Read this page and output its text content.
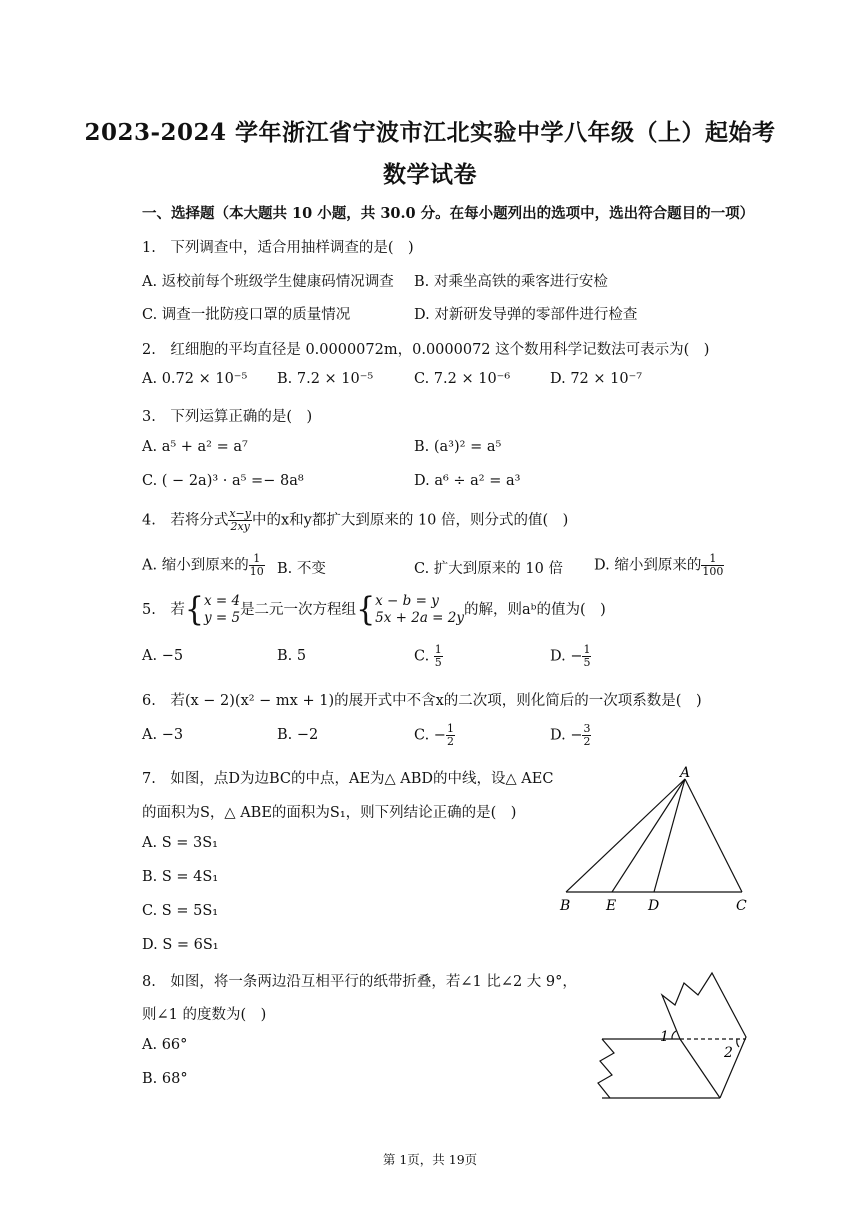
2023-2024 学年浙江省宁波市江北实验中学八年级（上）起始考
数学试卷
一、选择题（本大题共 10 小题，共 30.0 分。在每小题列出的选项中，选出符合题目的一项）
1.　下列调查中，适合用抽样调查的是(　)
A. 返校前每个班级学生健康码情况调查 B. 对乘坐高铁的乘客进行安检
C. 调查一批防疫口罩的质量情况	D. 对新研发导弹的零部件进行检查
2.　红细胞的平均直径是 0.0000072m，0.0000072 这个数用科学记数法可表示为(　)
A. 0.72 × 10⁻⁵ B. 7.2 × 10⁻⁵	C. 7.2 × 10⁻⁶	D. 72 × 10⁻⁷
3.　下列运算正确的是(　)
A. a⁵ + a² = a⁷	B. (a³)² = a⁵
C. ( − 2a)³ · a⁵ =− 8a⁸	D. a⁶ ÷ a² = a³
4.　若将分式 $\frac{x-y}{2xy}$ 中的x和y都扩大到原来的 10 倍，则分式的值(　)
A. 缩小到原来的 $\frac{1}{10} B$. 不变	C. 扩大到原来的 10 倍 D. 缩小到原来的 $\frac{1}{100}$
5.　若{ x = 4
y = 5 是二元一次方程组{ x − b = y
5x + 2a = 2y 的解，则aᵇ的值为(　)
A. −5	B. 5	C. $\frac{1}{5}$	D. − $\frac{1}{5}$
6.　若(x − 2)(x² − mx + 1)的展开式中不含x的二次项，则化简后的一次项系数是(　)
A. −3	B. −2	C. − $\frac{1}{2}$	D. − $\frac{3}{2}$
7.　如图，点D为边BC的中点，AE为△ ABD的中线，设△ AEC
的面积为S，△ ABE的面积为S₁，则下列结论正确的是(　)
A. S = 3S₁
B. S = 4S₁
C. S = 5S₁
D. S = 6S₁
A
B	E D	C
8.　如图，将一条两边沿互相平行的纸带折叠，若∠1 比∠2 大 9°，
则∠1 的度数为(　)
A. 66°
B. 68°
1
2
第 1页，共 19页
